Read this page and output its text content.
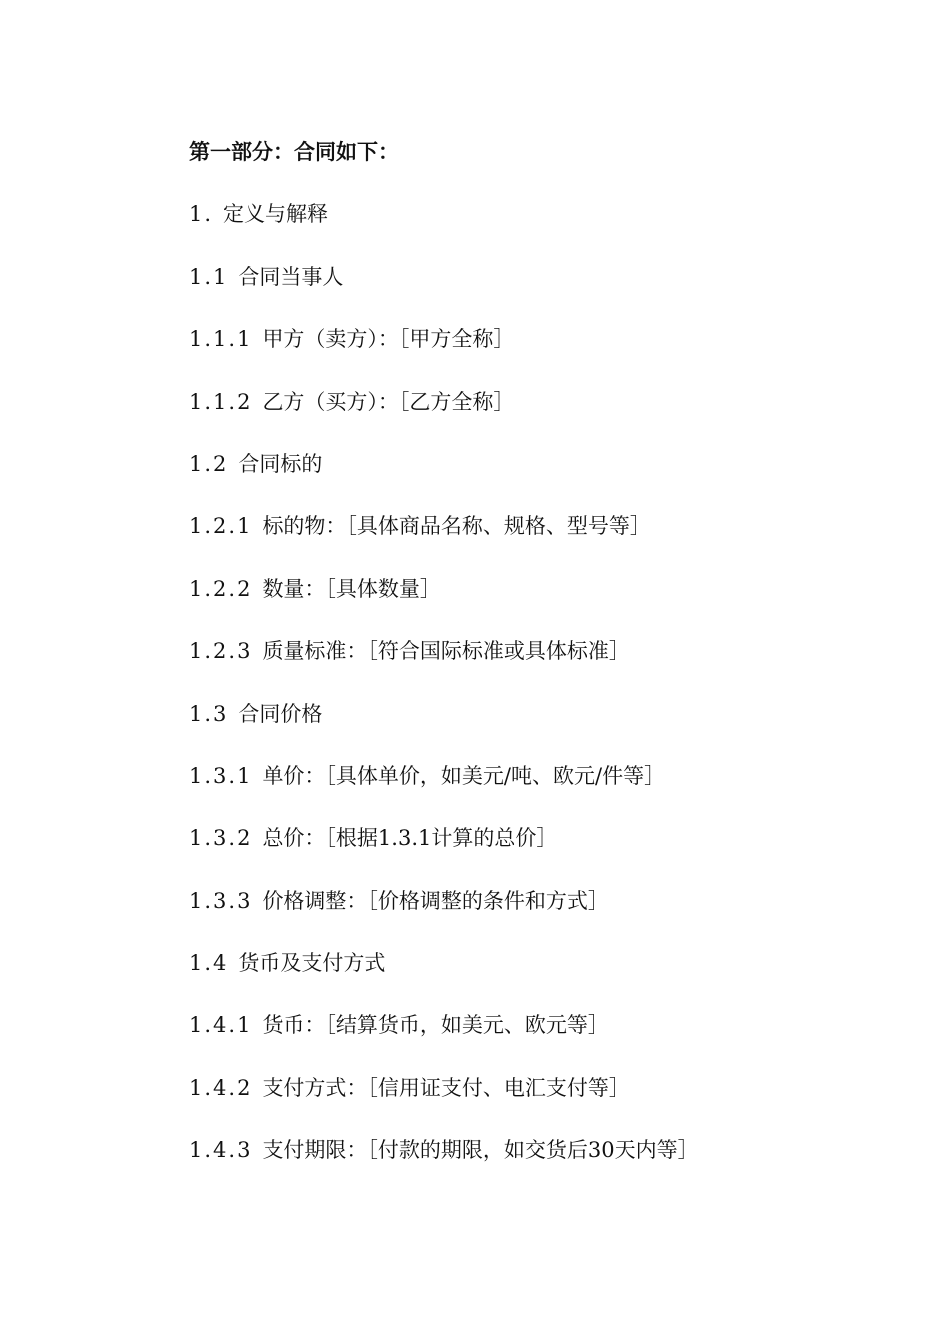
第一部分：合同如下：
1. 定义与解释
1.1 合同当事人
1.1.1 甲方（卖方）：［甲方全称］
1.1.2 乙方（买方）：［乙方全称］
1.2 合同标的
1.2.1 标的物：［具体商品名称、规格、型号等］
1.2.2 数量：［具体数量］
1.2.3 质量标准：［符合国际标准或具体标准］
1.3 合同价格
1.3.1 单价：［具体单价，如美元/吨、欧元/件等］
1.3.2 总价：［根据1.3.1计算的总价］
1.3.3 价格调整：［价格调整的条件和方式］
1.4 货币及支付方式
1.4.1 货币：［结算货币，如美元、欧元等］
1.4.2 支付方式：［信用证支付、电汇支付等］
1.4.3 支付期限：［付款的期限，如交货后30天内等］
